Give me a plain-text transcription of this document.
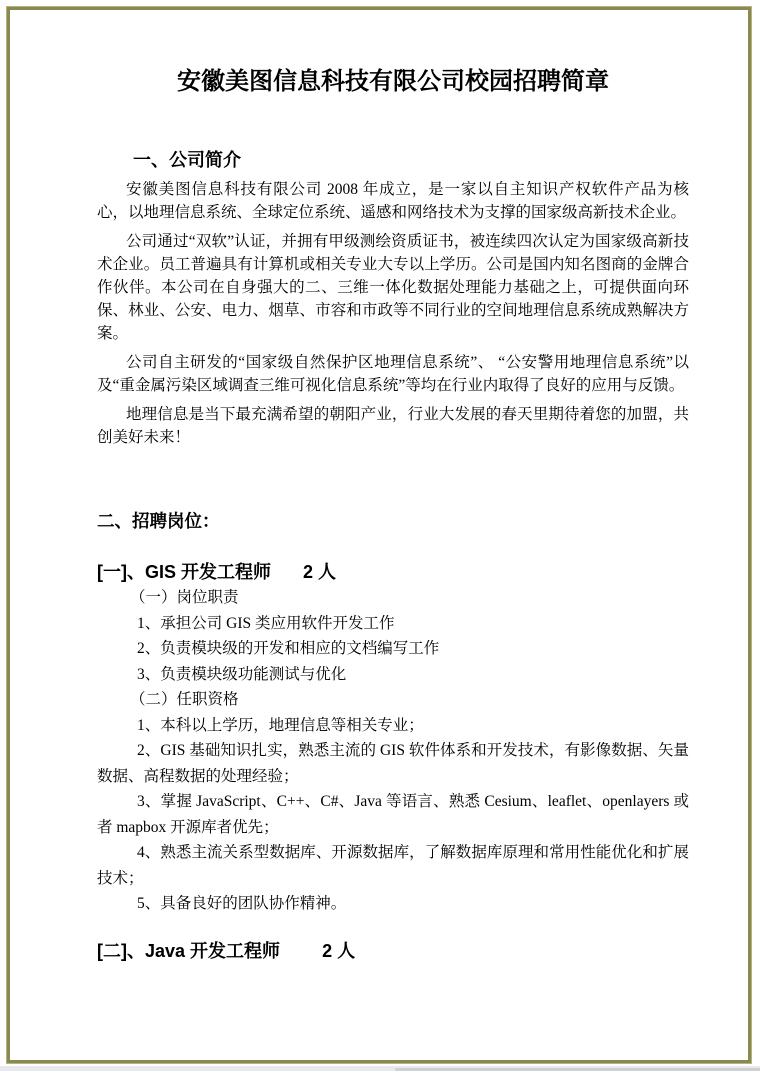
安徽美图信息科技有限公司校园招聘简章
一、公司简介

安徽美图信息科技有限公司 2008 年成立，是一家以自主知识产权软件产品为核心，以地理信息系统、全球定位系统、遥感和网络技术为支撑的国家级高新技术企业。

公司通过“双软”认证，并拥有甲级测绘资质证书，被连续四次认定为国家级高新技术企业。员工普遍具有计算机或相关专业大专以上学历。公司是国内知名图商的金牌合作伙伴。本公司在自身强大的二、三维一体化数据处理能力基础之上，可提供面向环保、林业、公安、电力、烟草、市容和市政等不同行业的空间地理信息系统成熟解决方案。

公司自主研发的“国家级自然保护区地理信息系统”、 “公安警用地理信息系统”以及“重金属污染区域调查三维可视化信息系统”等均在行业内取得了良好的应用与反馈。

地理信息是当下最充满希望的朝阳产业，行业大发展的春天里期待着您的加盟，共创美好未来！

二、招聘岗位：
[一]、GIS 开发工程师 2 人

（一）岗位职责

1、承担公司 GIS 类应用软件开发工作

2、负责模块级的开发和相应的文档编写工作

3、负责模块级功能测试与优化

（二）任职资格

1、本科以上学历，地理信息等相关专业；

2、GIS 基础知识扎实，熟悉主流的 GIS 软件体系和开发技术，有影像数据、矢量数据、高程数据的处理经验；

3、掌握 JavaScript、C++、C#、Java 等语言、熟悉 Cesium、leaflet、openlayers 或者 mapbox 开源库者优先；

4、熟悉主流关系型数据库、开源数据库，了解数据库原理和常用性能优化和扩展技术；

5、具备良好的团队协作精神。

[二]、Java 开发工程师 2 人
